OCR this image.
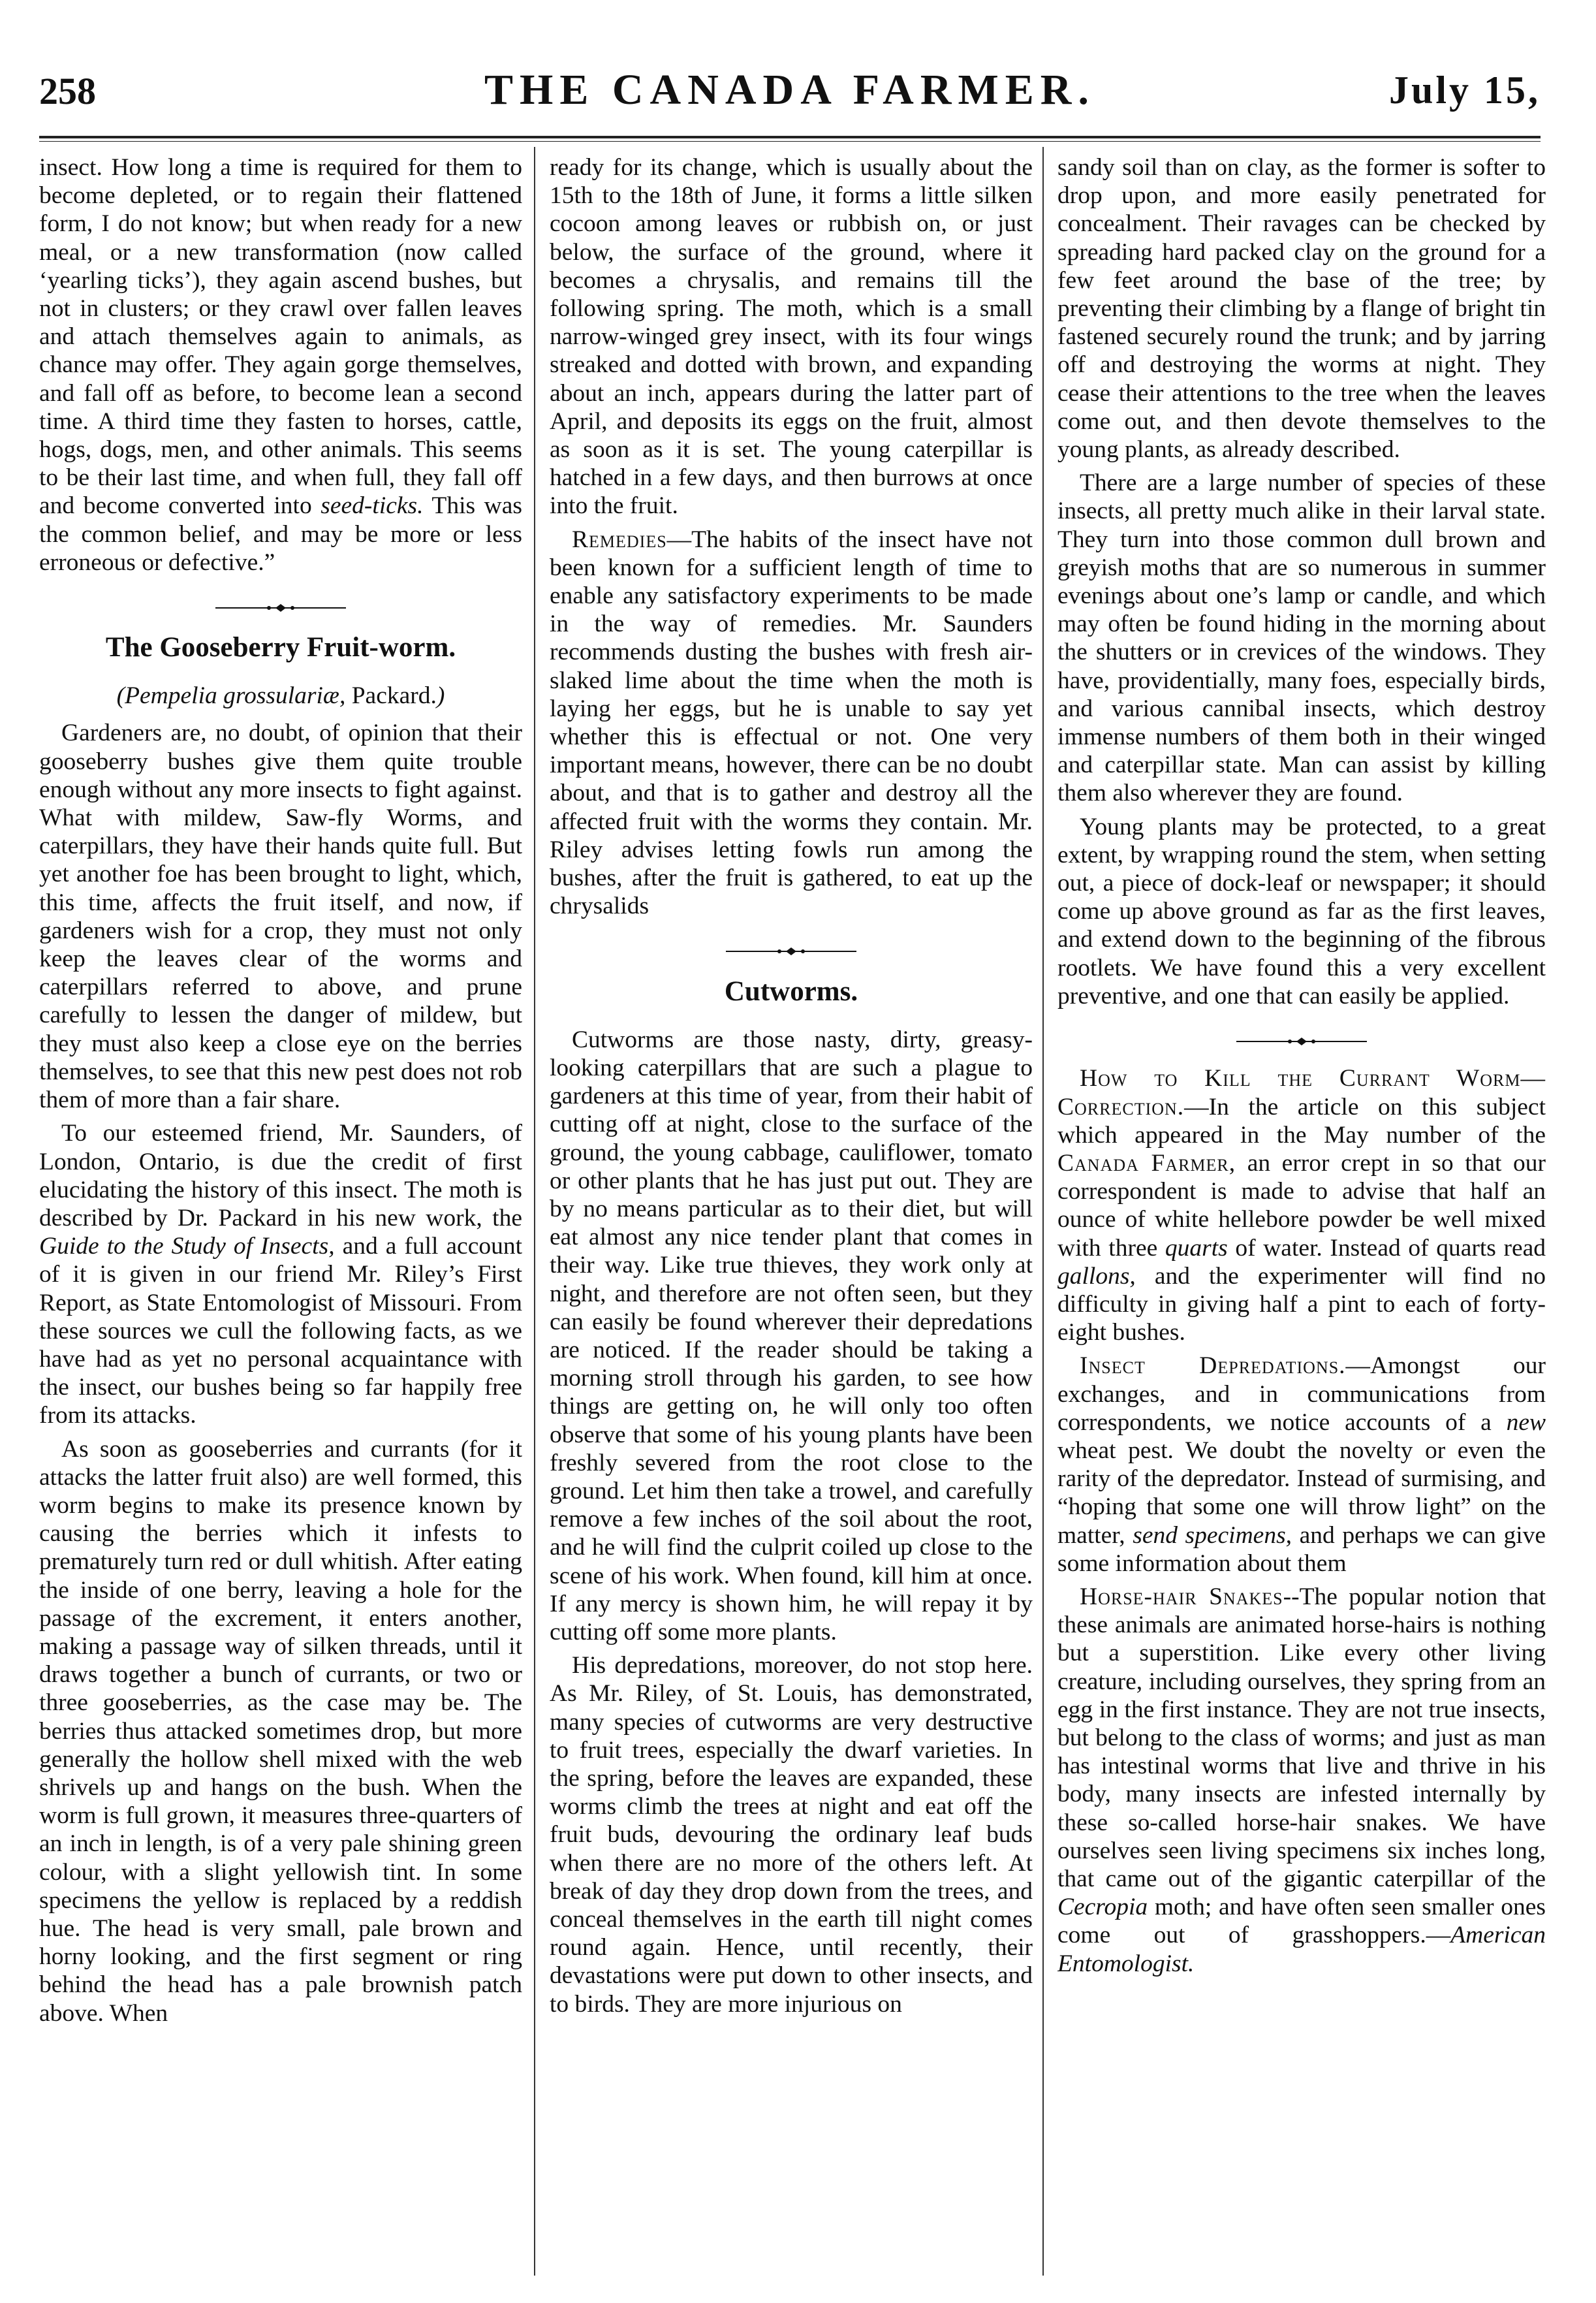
258	THE CANADA FARMER.	July 15,

insect. How long a time is required for them to become depleted, or to regain their flattened form, I do not know; but when ready for a new meal, or a new transformation (now called ‘yearling ticks’), they again ascend bushes, but not in clusters; or they crawl over fallen leaves and attach themselves again to animals, as chance may offer. They again gorge themselves, and fall off as before, to become lean a second time. A third time they fasten to horses, cattle, hogs, dogs, men, and other animals. This seems to be their last time, and when full, they fall off and become converted into seed-ticks. This was the common belief, and may be more or less erroneous or defective.”

The Gooseberry Fruit-worm.
(Pempelia grossulariæ, Packard.)

Gardeners are, no doubt, of opinion that their gooseberry bushes give them quite trouble enough without any more insects to fight against. What with mildew, Saw-fly Worms, and caterpillars, they have their hands quite full. But yet another foe has been brought to light, which, this time, affects the fruit itself, and now, if gardeners wish for a crop, they must not only keep the leaves clear of the worms and caterpillars referred to above, and prune carefully to lessen the danger of mildew, but they must also keep a close eye on the berries themselves, to see that this new pest does not rob them of more than a fair share.

To our esteemed friend, Mr. Saunders, of London, Ontario, is due the credit of first elucidating the history of this insect. The moth is described by Dr. Packard in his new work, the Guide to the Study of Insects, and a full account of it is given in our friend Mr. Riley’s First Report, as State Entomologist of Missouri. From these sources we cull the following facts, as we have had as yet no personal acquaintance with the insect, our bushes being so far happily free from its attacks.

As soon as gooseberries and currants (for it attacks the latter fruit also) are well formed, this worm begins to make its presence known by causing the berries which it infests to prematurely turn red or dull whitish. After eating the inside of one berry, leaving a hole for the passage of the excrement, it enters another, making a passage way of silken threads, until it draws together a bunch of currants, or two or three gooseberries, as the case may be. The berries thus attacked sometimes drop, but more generally the hollow shell mixed with the web shrivels up and hangs on the bush. When the worm is full grown, it measures three-quarters of an inch in length, is of a very pale shining green colour, with a slight yellowish tint. In some specimens the yellow is replaced by a reddish hue. The head is very small, pale brown and horny looking, and the first segment or ring behind the head has a pale brownish patch above. When

ready for its change, which is usually about the 15th to the 18th of June, it forms a little silken cocoon among leaves or rubbish on, or just below, the surface of the ground, where it becomes a chrysalis, and remains till the following spring. The moth, which is a small narrow-winged grey insect, with its four wings streaked and dotted with brown, and expanding about an inch, appears during the latter part of April, and deposits its eggs on the fruit, almost as soon as it is set. The young caterpillar is hatched in a few days, and then burrows at once into the fruit.

Remedies—The habits of the insect have not been known for a sufficient length of time to enable any satisfactory experiments to be made in the way of remedies. Mr. Saunders recommends dusting the bushes with fresh air-slaked lime about the time when the moth is laying her eggs, but he is unable to say yet whether this is effectual or not. One very important means, however, there can be no doubt about, and that is to gather and destroy all the affected fruit with the worms they contain. Mr. Riley advises letting fowls run among the bushes, after the fruit is gathered, to eat up the chrysalids

Cutworms.

Cutworms are those nasty, dirty, greasy-looking caterpillars that are such a plague to gardeners at this time of year, from their habit of cutting off at night, close to the surface of the ground, the young cabbage, cauliflower, tomato or other plants that he has just put out. They are by no means particular as to their diet, but will eat almost any nice tender plant that comes in their way. Like true thieves, they work only at night, and therefore are not often seen, but they can easily be found wherever their depredations are noticed. If the reader should be taking a morning stroll through his garden, to see how things are getting on, he will only too often observe that some of his young plants have been freshly severed from the root close to the ground. Let him then take a trowel, and carefully remove a few inches of the soil about the root, and he will find the culprit coiled up close to the scene of his work. When found, kill him at once. If any mercy is shown him, he will repay it by cutting off some more plants.

His depredations, moreover, do not stop here. As Mr. Riley, of St. Louis, has demonstrated, many species of cutworms are very destructive to fruit trees, especially the dwarf varieties. In the spring, before the leaves are expanded, these worms climb the trees at night and eat off the fruit buds, devouring the ordinary leaf buds when there are no more of the others left. At break of day they drop down from the trees, and conceal themselves in the earth till night comes round again. Hence, until recently, their devastations were put down to other insects, and to birds. They are more injurious on

sandy soil than on clay, as the former is softer to drop upon, and more easily penetrated for concealment. Their ravages can be checked by spreading hard packed clay on the ground for a few feet around the base of the tree; by preventing their climbing by a flange of bright tin fastened securely round the trunk; and by jarring off and destroying the worms at night. They cease their attentions to the tree when the leaves come out, and then devote themselves to the young plants, as already described.

There are a large number of species of these insects, all pretty much alike in their larval state. They turn into those common dull brown and greyish moths that are so numerous in summer evenings about one’s lamp or candle, and which may often be found hiding in the morning about the shutters or in crevices of the windows. They have, providentially, many foes, especially birds, and various cannibal insects, which destroy immense numbers of them both in their winged and caterpillar state. Man can assist by killing them also wherever they are found.

Young plants may be protected, to a great extent, by wrapping round the stem, when setting out, a piece of dock-leaf or newspaper; it should come up above ground as far as the first leaves, and extend down to the beginning of the fibrous rootlets. We have found this a very excellent preventive, and one that can easily be applied.

How to Kill the Currant Worm—Correction.—In the article on this subject which appeared in the May number of the Canada Farmer, an error crept in so that our correspondent is made to advise that half an ounce of white hellebore powder be well mixed with three quarts of water. Instead of quarts read gallons, and the experimenter will find no difficulty in giving half a pint to each of forty-eight bushes.

Insect Depredations.—Amongst our exchanges, and in communications from correspondents, we notice accounts of a new wheat pest. We doubt the novelty or even the rarity of the depredator. Instead of surmising, and “hoping that some one will throw light” on the matter, send specimens, and perhaps we can give some information about them

Horse-hair Snakes--The popular notion that these animals are animated horse-hairs is nothing but a superstition. Like every other living creature, including ourselves, they spring from an egg in the first instance. They are not true insects, but belong to the class of worms; and just as man has intestinal worms that live and thrive in his body, many insects are infested internally by these so-called horse-hair snakes. We have ourselves seen living specimens six inches long, that came out of the gigantic caterpillar of the Cecropia moth; and have often seen smaller ones come out of grasshoppers.—American Entomologist.
